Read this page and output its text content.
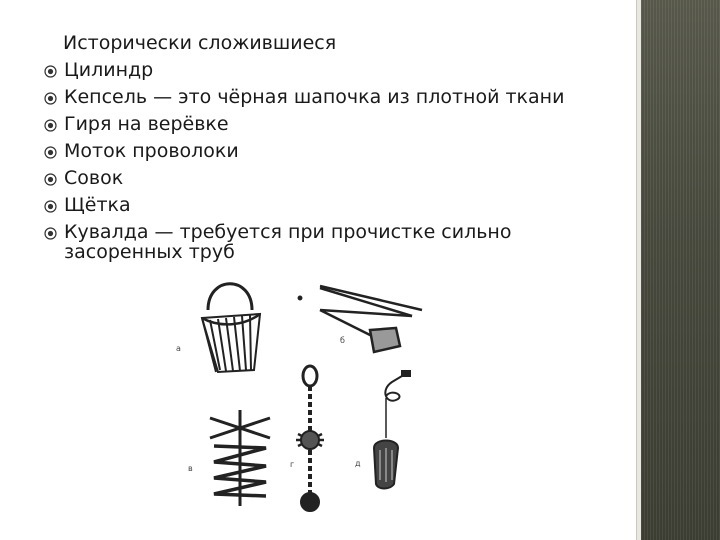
Исторически сложившиеся
Цилиндр
Кепсель — это чёрная шапочка из плотной ткани
Гиря на верёвке
Моток проволоки
Совок
Щётка
Кувалда — требуется при прочистке сильно засоренных труб
а
б
в	г	д
